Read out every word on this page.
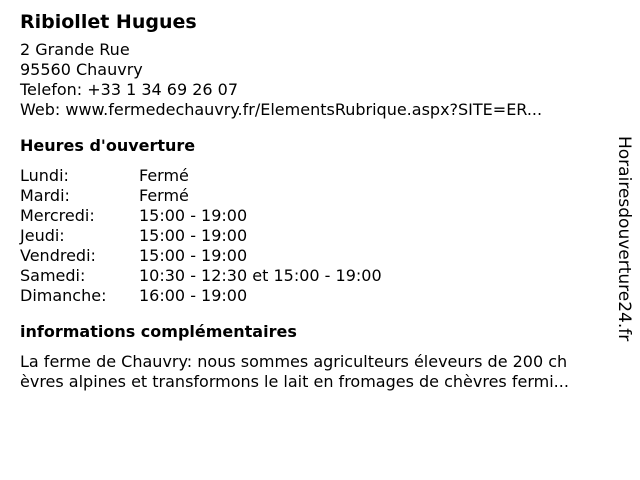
Ribiollet Hugues
2 Grande Rue
95560 Chauvry
Telefon: +33 1 34 69 26 07
Web: www.fermedechauvry.fr/ElementsRubrique.aspx?SITE=ER...
Heures d'ouverture
Lundi:	Fermé
Mardi:	Fermé
Mercredi:	15:00 - 19:00
Jeudi:	15:00 - 19:00
Vendredi:	15:00 - 19:00
Samedi:	10:30 - 12:30 et 15:00 - 19:00
Dimanche:	16:00 - 19:00
informations complémentaires
La ferme de Chauvry: nous sommes agriculteurs éleveurs de 200 ch
èvres alpines et transformons le lait en fromages de chèvres fermi...
Horairesdouverture24.fr
